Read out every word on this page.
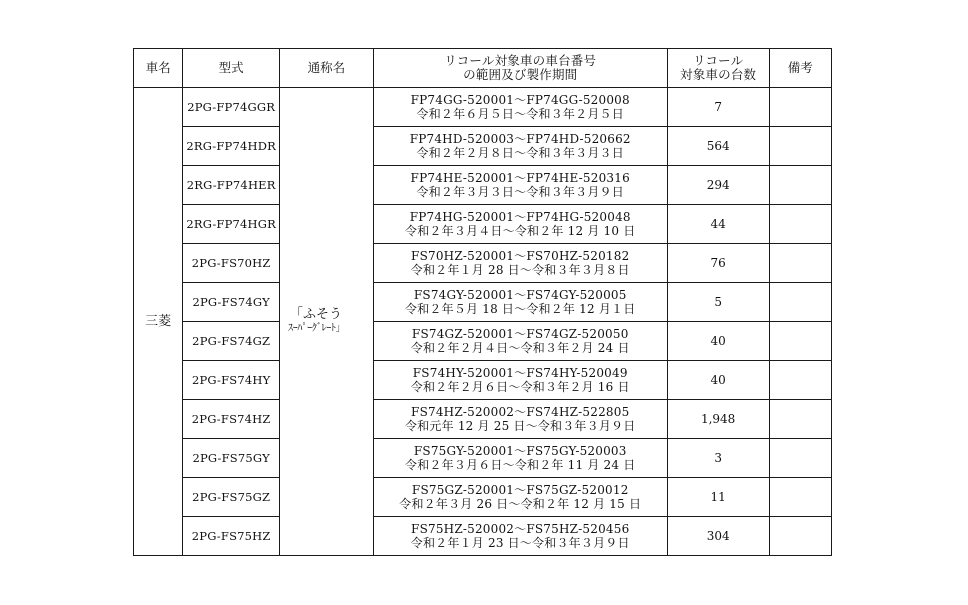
車名	型式	通称名	リコール対象車の車台番号
の範囲及び製作期間	リコール
対象車の台数	備考
三菱	2PG-FP74GGR	「ふそう
ｽｰﾊﾟｰｸﾞﾚｰﾄ」	FP74GG-520001～FP74GG-520008
令和２年６月５日～令和３年２月５日	7	
	2RG-FP74HDR		FP74HD-520003～FP74HD-520662
令和２年２月８日～令和３年３月３日	564	
	2RG-FP74HER		FP74HE-520001～FP74HE-520316
令和２年３月３日～令和３年３月９日	294	
	2RG-FP74HGR		FP74HG-520001～FP74HG-520048
令和２年３月４日～令和２年 12 月 10 日	44	
	2PG-FS70HZ		FS70HZ-520001～FS70HZ-520182
令和２年１月 28 日～令和３年３月８日	76	
	2PG-FS74GY		FS74GY-520001～FS74GY-520005
令和２年５月 18 日～令和２年 12 月１日	5	
	2PG-FS74GZ		FS74GZ-520001～FS74GZ-520050
令和２年２月４日～令和３年２月 24 日	40	
	2PG-FS74HY		FS74HY-520001～FS74HY-520049
令和２年２月６日～令和３年２月 16 日	40	
	2PG-FS74HZ		FS74HZ-520002～FS74HZ-522805
令和元年 12 月 25 日～令和３年３月９日	1,948	
	2PG-FS75GY		FS75GY-520001～FS75GY-520003
令和２年３月６日～令和２年 11 月 24 日	3	
	2PG-FS75GZ		FS75GZ-520001～FS75GZ-520012
令和２年３月 26 日～令和２年 12 月 15 日	11	
	2PG-FS75HZ		FS75HZ-520002～FS75HZ-520456
令和２年１月 23 日～令和３年３月９日	304	
